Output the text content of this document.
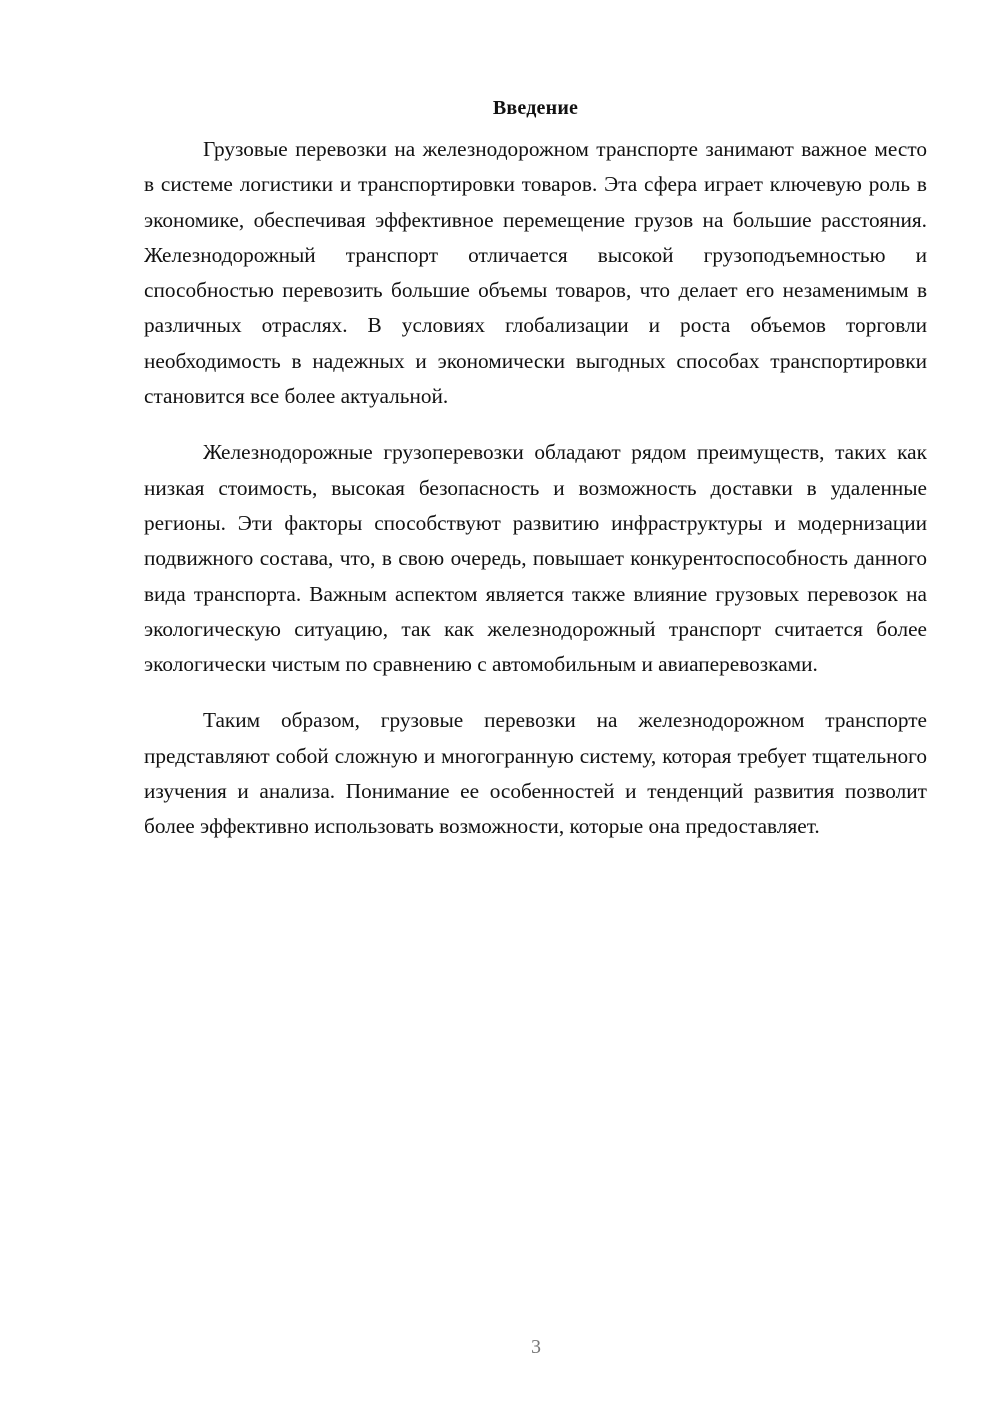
Введение

Грузовые перевозки на железнодорожном транспорте занимают важное место в системе логистики и транспортировки товаров. Эта сфера играет ключевую роль в экономике, обеспечивая эффективное перемещение грузов на большие расстояния. Железнодорожный транспорт отличается высокой грузоподъемностью и способностью перевозить большие объемы товаров, что делает его незаменимым в различных отраслях. В условиях глобализации и роста объемов торговли необходимость в надежных и экономически выгодных способах транспортировки становится все более актуальной.

Железнодорожные грузоперевозки обладают рядом преимуществ, таких как низкая стоимость, высокая безопасность и возможность доставки в удаленные регионы. Эти факторы способствуют развитию инфраструктуры и модернизации подвижного состава, что, в свою очередь, повышает конкурентоспособность данного вида транспорта. Важным аспектом является также влияние грузовых перевозок на экологическую ситуацию, так как железнодорожный транспорт считается более экологически чистым по сравнению с автомобильным и авиаперевозками.

Таким образом, грузовые перевозки на железнодорожном транспорте представляют собой сложную и многогранную систему, которая требует тщательного изучения и анализа. Понимание ее особенностей и тенденций развития позволит более эффективно использовать возможности, которые она предоставляет.

3
